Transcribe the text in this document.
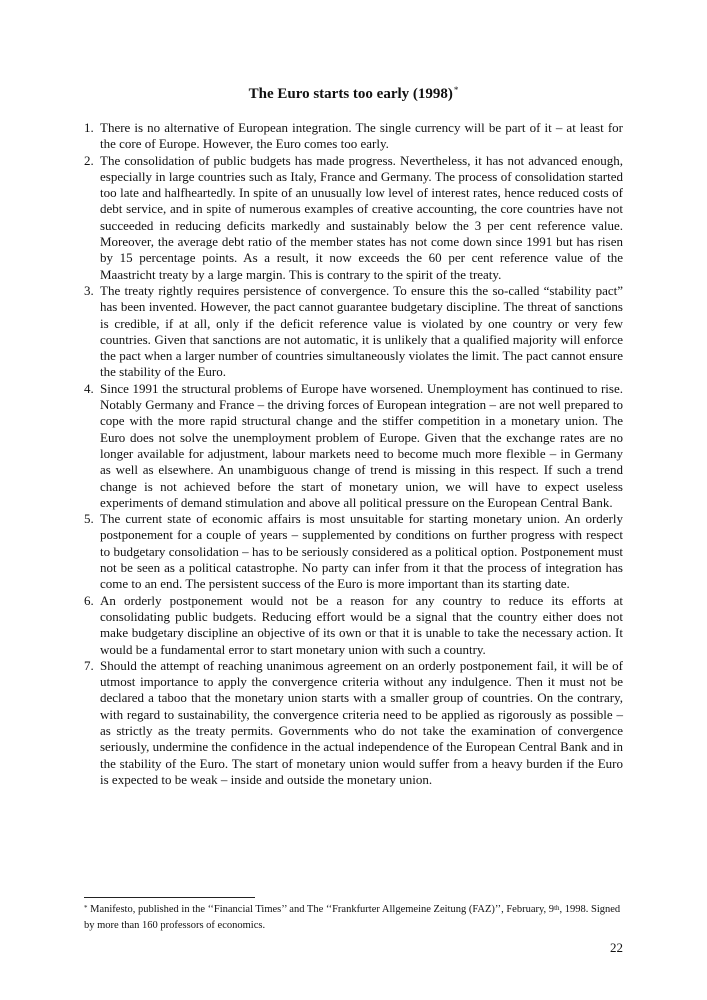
The Euro starts too early (1998)*
1. There is no alternative of European integration. The single currency will be part of it – at least for the core of Europe. However, the Euro comes too early.
2. The consolidation of public budgets has made progress. Nevertheless, it has not advanced enough, especially in large countries such as Italy, France and Germany. The process of consolidation started too late and halfheartedly. In spite of an unusually low level of interest rates, hence reduced costs of debt service, and in spite of numerous examples of creative accounting, the core countries have not succeeded in reducing deficits markedly and sustainably below the 3 per cent reference value. Moreover, the average debt ratio of the member states has not come down since 1991 but has risen by 15 percentage points. As a result, it now exceeds the 60 per cent reference value of the Maastricht treaty by a large margin. This is contrary to the spirit of the treaty.
3. The treaty rightly requires persistence of convergence. To ensure this the so-called “stability pact” has been invented. However, the pact cannot guarantee budgetary discipline. The threat of sanctions is credible, if at all, only if the deficit reference value is violated by one country or very few countries. Given that sanctions are not automatic, it is unlikely that a qualified majority will enforce the pact when a larger number of countries simultaneously violates the limit. The pact cannot ensure the stability of the Euro.
4. Since 1991 the structural problems of Europe have worsened. Unemployment has continued to rise. Notably Germany and France – the driving forces of European integration – are not well prepared to cope with the more rapid structural change and the stiffer competition in a monetary union. The Euro does not solve the unemployment problem of Europe. Given that the exchange rates are no longer available for adjustment, labour markets need to become much more flexible – in Germany as well as elsewhere. An unambiguous change of trend is missing in this respect. If such a trend change is not achieved before the start of monetary union, we will have to expect useless experiments of demand stimulation and above all political pressure on the European Central Bank.
5. The current state of economic affairs is most unsuitable for starting monetary union. An orderly postponement for a couple of years – supplemented by conditions on further progress with respect to budgetary consolidation – has to be seriously considered as a political option. Postponement must not be seen as a political catastrophe. No party can infer from it that the process of integration has come to an end. The persistent success of the Euro is more important than its starting date.
6. An orderly postponement would not be a reason for any country to reduce its efforts at consolidating public budgets. Reducing effort would be a signal that the country either does not make budgetary discipline an objective of its own or that it is unable to take the necessary action. It would be a fundamental error to start monetary union with such a country.
7. Should the attempt of reaching unanimous agreement on an orderly postponement fail, it will be of utmost importance to apply the convergence criteria without any indulgence. Then it must not be declared a taboo that the monetary union starts with a smaller group of countries. On the contrary, with regard to sustainability, the convergence criteria need to be applied as rigorously as possible – as strictly as the treaty permits. Governments who do not take the examination of convergence seriously, undermine the confidence in the actual independence of the European Central Bank and in the stability of the Euro. The start of monetary union would suffer from a heavy burden if the Euro is expected to be weak – inside and outside the monetary union.
* Manifesto, published in the ‘‘Financial Times’’ and The ‘‘Frankfurter Allgemeine Zeitung (FAZ)’’, February, 9th, 1998. Signed by more than 160 professors of economics.
22
